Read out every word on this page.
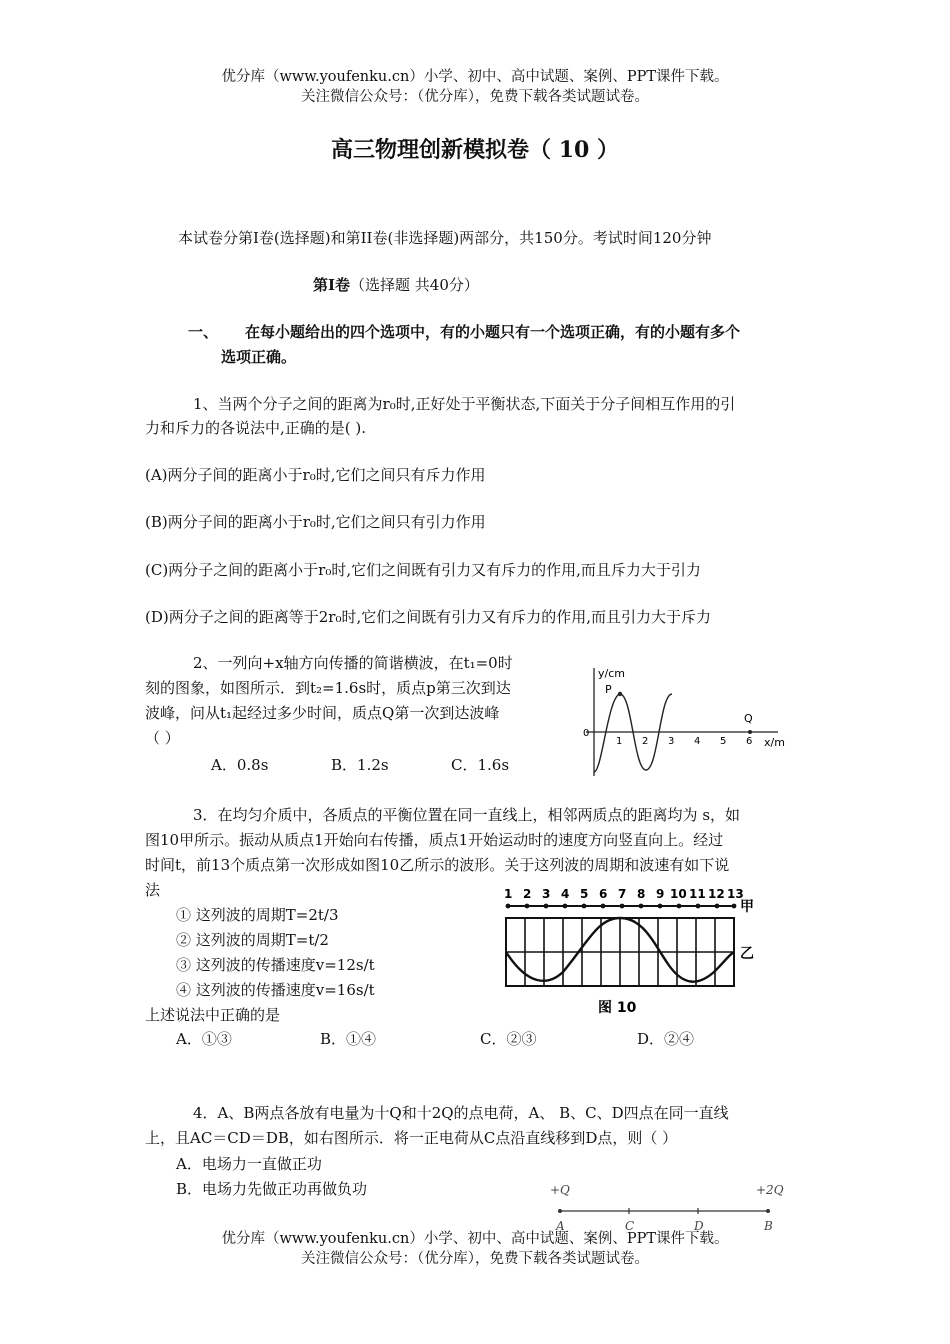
优分库（www.youfenku.cn）小学、初中、高中试题、案例、PPT课件下载。
关注微信公众号：（优分库），免费下载各类试题试卷。
高三物理创新模拟卷（ 10 ）
本试卷分第Ⅰ卷(选择题)和第II卷(非选择题)两部分，共150分。考试时间120分钟
第Ⅰ卷（选择题 共40分）
一、 在每小题给出的四个选项中，有的小题只有一个选项正确，有的小题有多个
选项正确。
1、当两个分子之间的距离为r₀时,正好处于平衡状态,下面关于分子间相互作用的引
力和斥力的各说法中,正确的是( ).
(A)两分子间的距离小于r₀时,它们之间只有斥力作用
(B)两分子间的距离小于r₀时,它们之间只有引力作用
(C)两分子之间的距离小于r₀时,它们之间既有引力又有斥力的作用,而且斥力大于引力
(D)两分子之间的距离等于2r₀时,它们之间既有引力又有斥力的作用,而且引力大于斥力
2、一列向+x轴方向传播的简谐横波，在t₁=0时
刻的图象，如图所示．到t₂=1.6s时，质点p第三次到达
波峰，问从t₁起经过多少时间，质点Q第一次到达波峰
（ ）
A．0.8s	B．1.2s	C．1.6s
y/cm
x/m
0
1 2 3 4 5 6
P
Q
3．在均匀介质中，各质点的平衡位置在同一直线上，相邻两质点的距离均为 s，如
图10甲所示。振动从质点1开始向右传播，质点1开始运动时的速度方向竖直向上。经过
时间t，前13个质点第一次形成如图10乙所示的波形。关于这列波的周期和波速有如下说
法
① 这列波的周期T=2t/3
② 这列波的周期T=t/2
③ 这列波的传播速度v=12s/t
④ 这列波的传播速度v=16s/t
上述说法中正确的是
A．①③	B．①④	C．②③	D．②④
1 2 3 4 5 6 7 8 9 10 11 12 13
甲
乙
图 10
4．A、B两点各放有电量为十Q和十2Q的点电荷，A、 B、C、D四点在同一直线
上，且AC＝CD＝DB，如右图所示．将一正电荷从C点沿直线移到D点，则（ ）
A．电场力一直做正功
B．电场力先做正功再做负功	+Q	+2Q
A	C	D	B
优分库（www.youfenku.cn）小学、初中、高中试题、案例、PPT课件下载。
关注微信公众号：（优分库），免费下载各类试题试卷。
